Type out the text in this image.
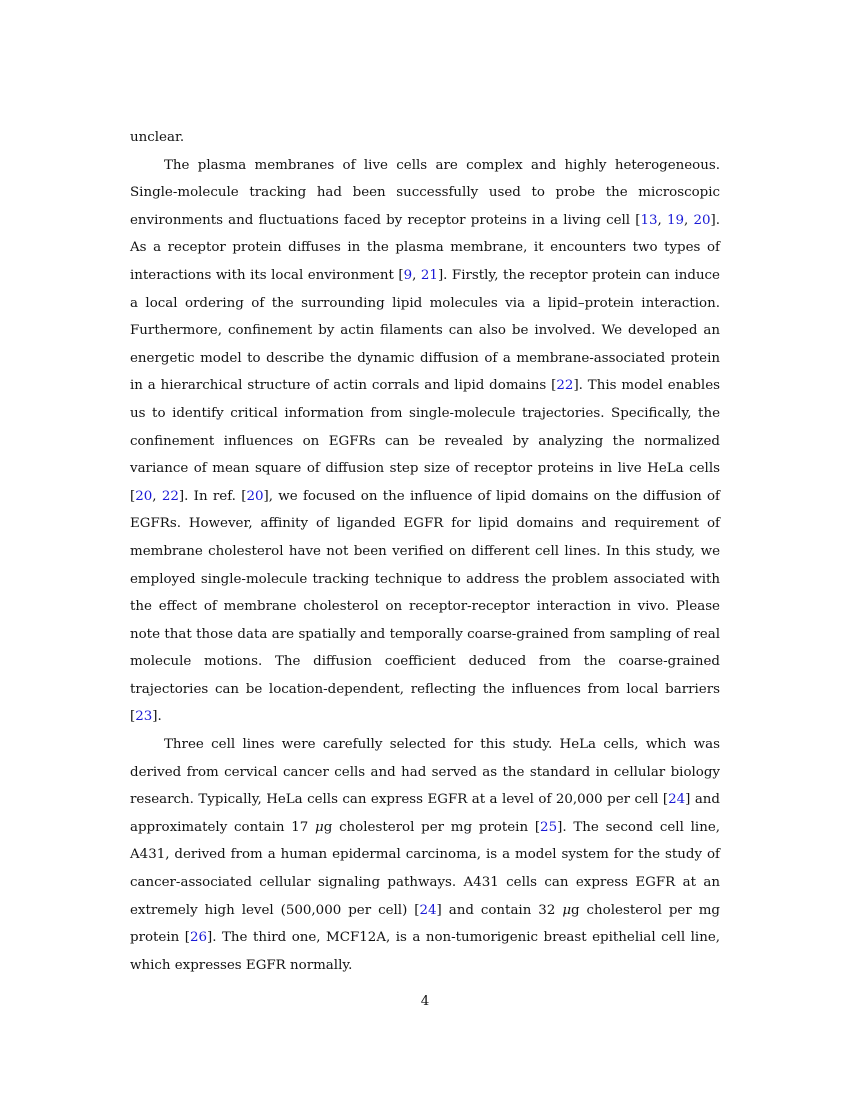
unclear.

The plasma membranes of live cells are complex and highly heterogeneous. Single-molecule tracking had been successfully used to probe the microscopic environments and fluctuations faced by receptor proteins in a living cell [13, 19, 20]. As a receptor protein diffuses in the plasma membrane, it encounters two types of interactions with its local environment [9, 21]. Firstly, the receptor protein can induce a local ordering of the surrounding lipid molecules via a lipid–protein interaction. Furthermore, confinement by actin filaments can also be involved. We developed an energetic model to describe the dynamic diffusion of a membrane-associated protein in a hierarchical structure of actin corrals and lipid domains [22]. This model enables us to identify critical information from single-molecule trajectories. Specifically, the confinement influences on EGFRs can be revealed by analyzing the normalized variance of mean square of diffusion step size of receptor proteins in live HeLa cells [20, 22]. In ref. [20], we focused on the influence of lipid domains on the diffusion of EGFRs. However, affinity of liganded EGFR for lipid domains and requirement of membrane cholesterol have not been verified on different cell lines. In this study, we employed single-molecule tracking technique to address the problem associated with the effect of membrane cholesterol on receptor-receptor interaction in vivo. Please note that those data are spatially and temporally coarse-grained from sampling of real molecule motions. The diffusion coefficient deduced from the coarse-grained trajectories can be location-dependent, reflecting the influences from local barriers [23].

Three cell lines were carefully selected for this study. HeLa cells, which was derived from cervical cancer cells and had served as the standard in cellular biology research. Typically, HeLa cells can express EGFR at a level of 20,000 per cell [24] and approximately contain 17 μg cholesterol per mg protein [25]. The second cell line, A431, derived from a human epidermal carcinoma, is a model system for the study of cancer-associated cellular signaling pathways. A431 cells can express EGFR at an extremely high level (500,000 per cell) [24] and contain 32 μg cholesterol per mg protein [26]. The third one, MCF12A, is a non-tumorigenic breast epithelial cell line, which expresses EGFR normally.

4
